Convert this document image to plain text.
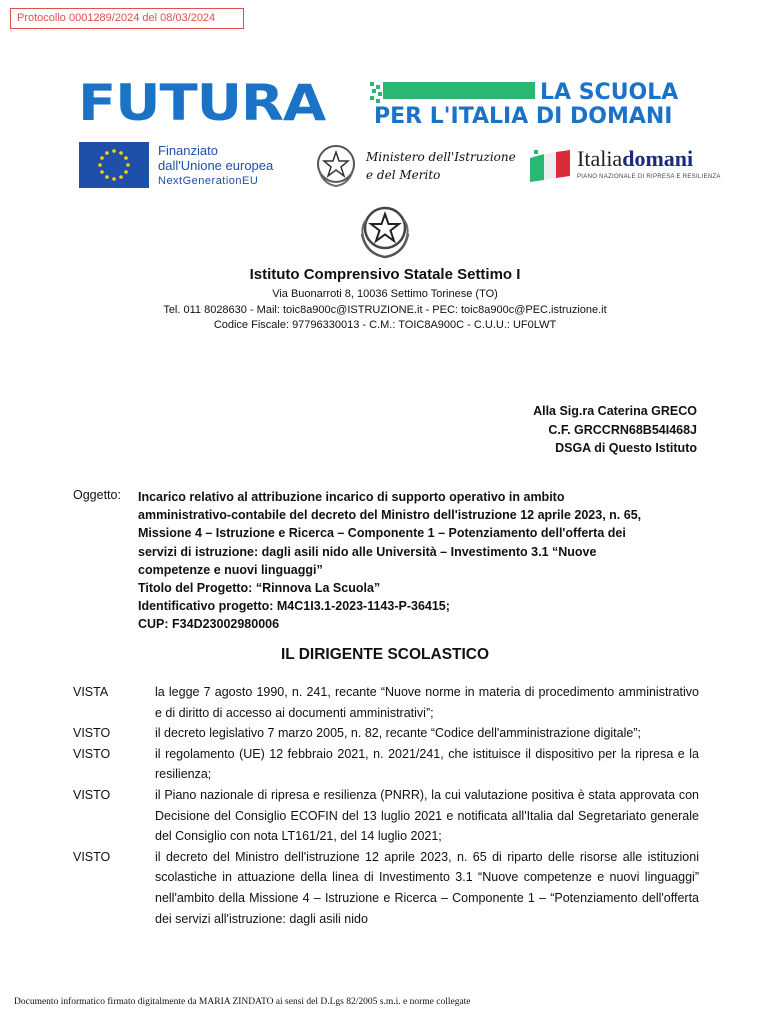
Protocollo 0001289/2024 del 08/03/2024
FUTURA	LA SCUOLA
PER L'ITALIA DI DOMANI
Finanziato
dall'Unione europea
NextGenerationEU
Ministero dell'Istruzione
e del Merito
Italiadomani
PIANO NAZIONALE DI RIPRESA E RESILIENZA
Istituto Comprensivo Statale Settimo I
Via Buonarroti 8, 10036 Settimo Torinese (TO)
Tel. 011 8028630 - Mail: toic8a900c@ISTRUZIONE.it - PEC: toic8a900c@PEC.istruzione.it
Codice Fiscale: 97796330013 - C.M.: TOIC8A900C - C.U.U.: UF0LWT
Alla Sig.ra Caterina GRECO
C.F. GRCCRN68B54I468J
DSGA di Questo Istituto
Oggetto: Incarico relativo al attribuzione incarico di supporto operativo in ambito
amministrativo-contabile del decreto del Ministro dell'istruzione 12 aprile 2023, n. 65,
Missione 4 – Istruzione e Ricerca – Componente 1 – Potenziamento dell'offerta dei
servizi di istruzione: dagli asili nido alle Università – Investimento 3.1 “Nuove
competenze e nuovi linguaggi”
Titolo del Progetto: “Rinnova La Scuola”
Identificativo progetto: M4C1I3.1-2023-1143-P-36415;
CUP: F34D23002980006
IL DIRIGENTE SCOLASTICO
VISTA	la legge 7 agosto 1990, n. 241, recante “Nuove norme in materia di procedimento amministrativo e di diritto di accesso ai documenti amministrativi”;
VISTO	il decreto legislativo 7 marzo 2005, n. 82, recante “Codice dell'amministrazione digitale”;
VISTO	il regolamento (UE) 12 febbraio 2021, n. 2021/241, che istituisce il dispositivo per la ripresa e la resilienza;
VISTO	il Piano nazionale di ripresa e resilienza (PNRR), la cui valutazione positiva è stata approvata con Decisione del Consiglio ECOFIN del 13 luglio 2021 e notificata all'Italia dal Segretariato generale del Consiglio con nota LT161/21, del 14 luglio 2021;
VISTO	il decreto del Ministro dell'istruzione 12 aprile 2023, n. 65 di riparto delle risorse alle istituzioni scolastiche in attuazione della linea di Investimento 3.1 “Nuove competenze e nuovi linguaggi” nell'ambito della Missione 4 – Istruzione e Ricerca – Componente 1 – “Potenziamento dell'offerta dei servizi all'istruzione: dagli asili nido
Documento informatico firmato digitalmente da MARIA ZINDATO ai sensi del D.Lgs 82/2005 s.m.i. e norme collegate
